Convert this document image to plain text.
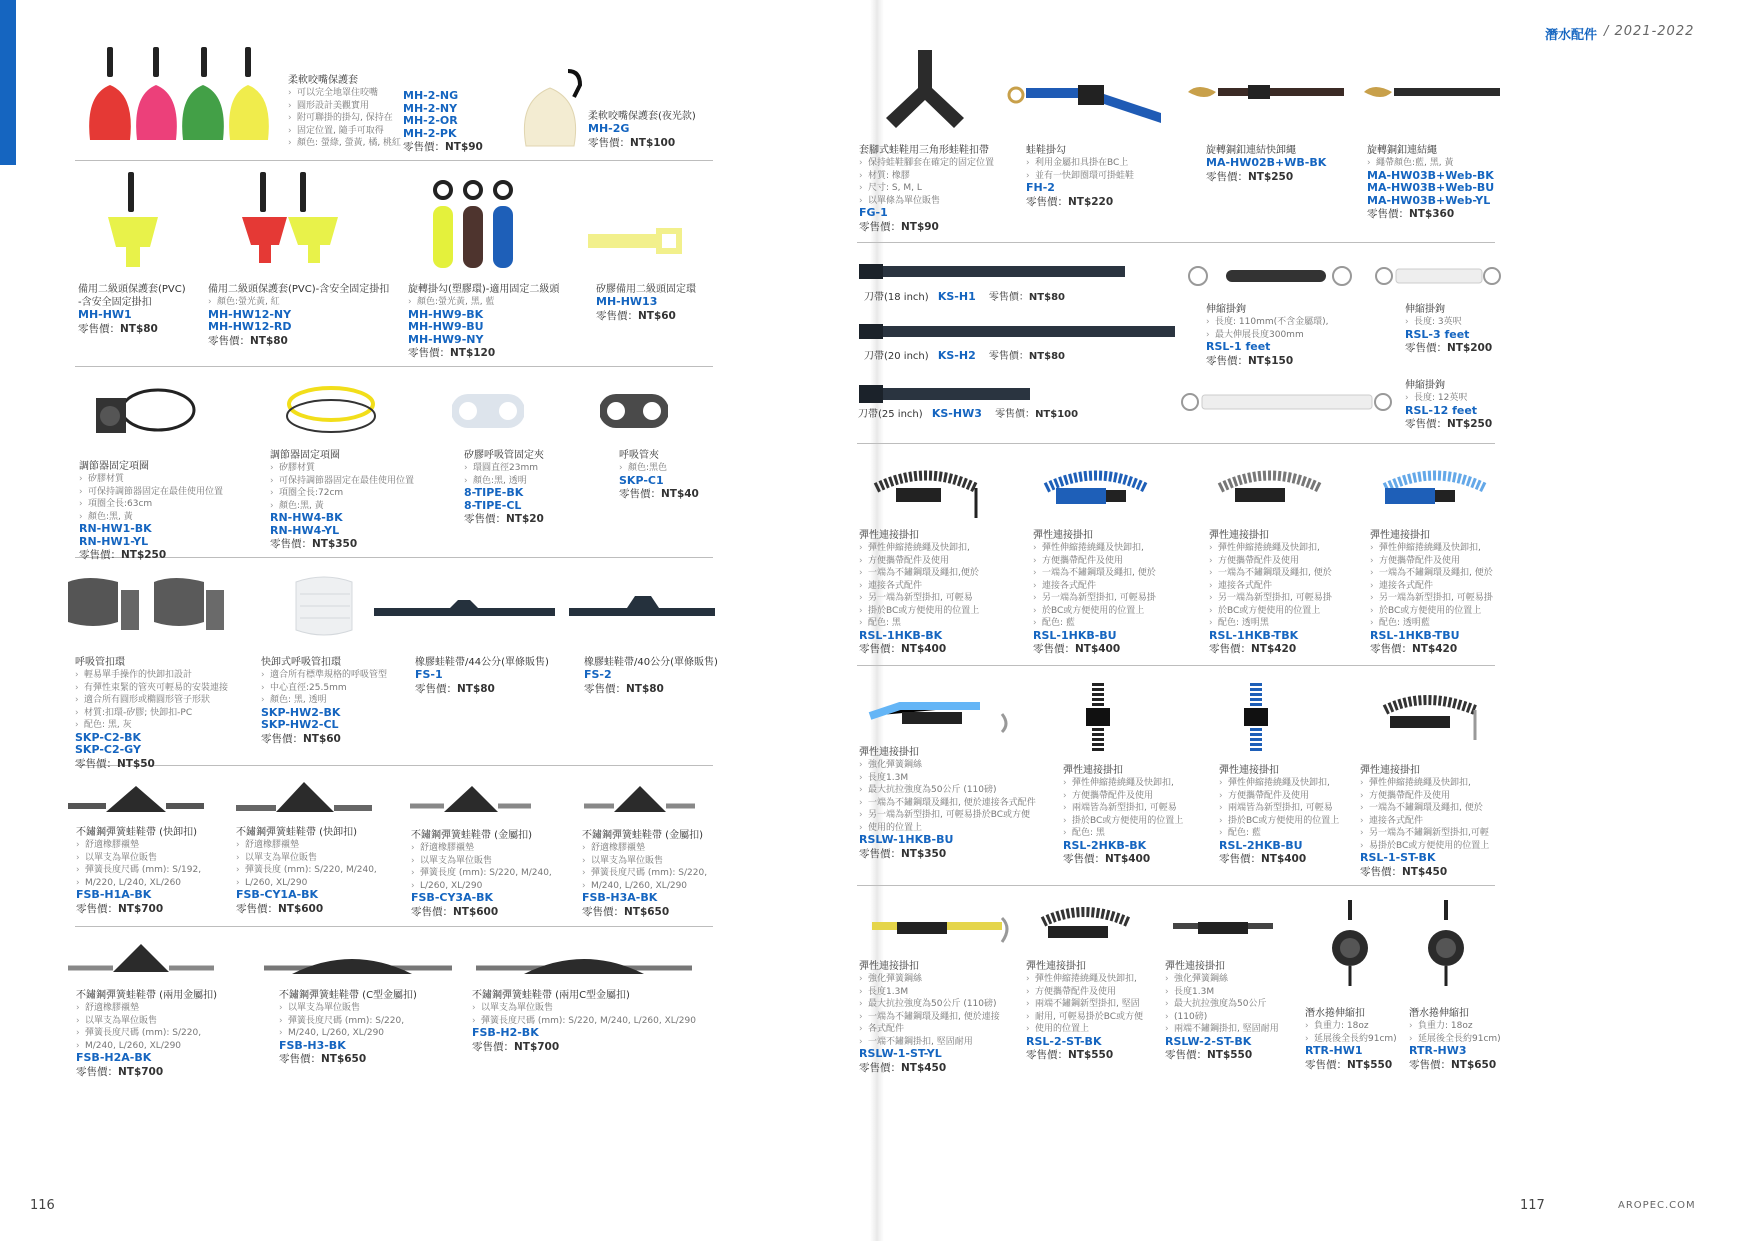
柔軟咬嘴保護套
› 可以完全地罩住咬嘴
› 圓形設計美觀實用
› 附可聯掛的掛勾, 保持在
› 固定位置, 隨手可取得
› 顏色: 螢綠, 螢黃, 橘, 桃紅
MH-2-NG
MH-2-NY
MH-2-OR
MH-2-PK
零售價：NT$90
柔軟咬嘴保護套(夜光款)
MH-2G
零售價：NT$100
備用二級頭保護套(PVC)
-含安全固定掛扣
MH-HW1
零售價：NT$80
備用二級頭保護套(PVC)-含安全固定掛扣
› 顏色:螢光黃, 紅
MH-HW12-NY
MH-HW12-RD
零售價：NT$80
旋轉掛勾(塑膠環)-適用固定二級頭
› 顏色:螢光黃, 黑, 藍
MH-HW9-BK
MH-HW9-BU
MH-HW9-NY
零售價：NT$120
矽膠備用二級頭固定環
MH-HW13
零售價：NT$60
調節器固定項圈
› 矽膠材質
› 可保持調節器固定在最佳使用位置
› 項圈全長:63cm
› 顏色:黑, 黃
RN-HW1-BK
RN-HW1-YL
零售價：NT$250
調節器固定項圈
› 矽膠材質
› 可保持調節器固定在最佳使用位置
› 項圈全長:72cm
› 顏色:黑, 黃
RN-HW4-BK
RN-HW4-YL
零售價：NT$350
矽膠呼吸管固定夾
› 環圓直徑23mm
› 顏色:黑, 透明
8-TIPE-BK
8-TIPE-CL
零售價：NT$20
呼吸管夾
› 顏色:黑色
SKP-C1
零售價：NT$40
呼吸管扣環
› 輕易單手操作的快卸扣設計
› 有彈性束緊的管夾可輕易的安裝連接
› 適合所有圓形或橢圓形管子形狀
› 材質:扣環-矽膠; 快卸扣-PC
› 配色: 黑, 灰
SKP-C2-BK
SKP-C2-GY
零售價：NT$50
快卸式呼吸管扣環
› 適合所有標準規格的呼吸管型
› 中心直徑:25.5mm
› 顏色: 黑, 透明
SKP-HW2-BK
SKP-HW2-CL
零售價：NT$60
橡膠蛙鞋帶/44公分(單條販售)
FS-1
零售價：NT$80
橡膠蛙鞋帶/40公分(單條販售)
FS-2
零售價：NT$80
不鏽鋼彈簧蛙鞋帶 (快卸扣)
› 舒適橡膠襯墊
› 以單支為單位販售
› 彈簧長度尺碼 (mm): S/192,
› M/220, L/240, XL/260
FSB-H1A-BK
零售價：NT$700
不鏽鋼彈簧蛙鞋帶 (快卸扣)
› 舒適橡膠襯墊
› 以單支為單位販售
› 彈簧長度 (mm): S/220, M/240,
› L/260, XL/290
FSB-CY1A-BK
零售價：NT$600
不鏽鋼彈簧蛙鞋帶 (金屬扣)
› 舒適橡膠襯墊
› 以單支為單位販售
› 彈簧長度 (mm): S/220, M/240,
› L/260, XL/290
FSB-CY3A-BK
零售價：NT$600
不鏽鋼彈簧蛙鞋帶 (金屬扣)
› 舒適橡膠襯墊
› 以單支為單位販售
› 彈簧長度尺碼 (mm): S/220,
› M/240, L/260, XL/290
FSB-H3A-BK
零售價：NT$650
不鏽鋼彈簧蛙鞋帶 (兩用金屬扣)
› 舒適橡膠襯墊
› 以單支為單位販售
› 彈簧長度尺碼 (mm): S/220,
› M/240, L/260, XL/290
FSB-H2A-BK
零售價：NT$700
不鏽鋼彈簧蛙鞋帶 (C型金屬扣)
› 以單支為單位販售
› 彈簧長度尺碼 (mm): S/220,
› M/240, L/260, XL/290
FSB-H3-BK
零售價：NT$650
不鏽鋼彈簧蛙鞋帶 (兩用C型金屬扣)
› 以單支為單位販售
› 彈簧長度尺碼 (mm): S/220, M/240, L/260, XL/290
FSB-H2-BK
零售價：NT$700
116
潛水配件 / 2021-2022
套腳式蛙鞋用三角形蛙鞋扣帶
› 保持蛙鞋腳套在確定的固定位置
› 材質: 橡膠
› 尺寸: S, M, L
› 以單條為單位販售
FG-1
零售價：NT$90
蛙鞋掛勾
› 利用金屬扣具掛在BC上
› 並有一快卸圈環可掛蛙鞋
FH-2
零售價：NT$220
旋轉銅釦連結快卸繩
MA-HW02B+WB-BK
零售價：NT$250
旋轉銅釦連結繩
› 繩帶顏色:藍, 黑, 黃
MA-HW03B+Web-BK
MA-HW03B+Web-BU
MA-HW03B+Web-YL
零售價：NT$360
刀帶(18 inch) KS-H1 零售價：NT$80
刀帶(20 inch) KS-H2 零售價：NT$80
刀帶(25 inch) KS-HW3 零售價：NT$100
伸縮掛鉤
› 長度: 110mm(不含金屬環),
› 最大伸展長度300mm
RSL-1 feet
零售價：NT$150
伸縮掛鉤
› 長度: 3英呎
RSL-3 feet
零售價：NT$200
伸縮掛鉤
› 長度: 12英呎
RSL-12 feet
零售價：NT$250
彈性連接掛扣
› 彈性伸縮捲繞繩及快卸扣,
› 方便攜帶配件及使用
› 一端為不鏽鋼環及繩扣,便於
› 連接各式配件
› 另一端為新型掛扣, 可輕易
› 掛於BC或方便使用的位置上
› 配色: 黑
RSL-1HKB-BK
零售價：NT$400
彈性連接掛扣
› 彈性伸縮捲繞繩及快卸扣,
› 方便攜帶配件及使用
› 一端為不鏽鋼環及繩扣, 便於
› 連接各式配件
› 另一端為新型掛扣, 可輕易掛
› 於BC或方便使用的位置上
› 配色: 藍
RSL-1HKB-BU
零售價：NT$400
彈性連接掛扣
› 彈性伸縮捲繞繩及快卸扣,
› 方便攜帶配件及使用
› 一端為不鏽鋼環及繩扣, 便於
› 連接各式配件
› 另一端為新型掛扣, 可輕易掛
› 於BC或方便使用的位置上
› 配色: 透明黑
RSL-1HKB-TBK
零售價：NT$420
彈性連接掛扣
› 彈性伸縮捲繞繩及快卸扣,
› 方便攜帶配件及使用
› 一端為不鏽鋼環及繩扣, 便於
› 連接各式配件
› 另一端為新型掛扣, 可輕易掛
› 於BC或方便使用的位置上
› 配色: 透明藍
RSL-1HKB-TBU
零售價：NT$420
彈性連接掛扣
› 強化彈簧鋼絲
› 長度1.3M
› 最大抗拉強度為50公斤 (110磅)
› 一端為不鏽鋼環及繩扣, 便於連接各式配件
› 另一端為新型掛扣, 可輕易掛於BC或方便
› 使用的位置上
RSLW-1HKB-BU
零售價：NT$350
彈性連接掛扣
› 彈性伸縮捲繞繩及快卸扣,
› 方便攜帶配件及使用
› 兩端皆為新型掛扣, 可輕易
› 掛於BC或方便使用的位置上
› 配色: 黑
RSL-2HKB-BK
零售價：NT$400
彈性連接掛扣
› 彈性伸縮捲繞繩及快卸扣,
› 方便攜帶配件及使用
› 兩端皆為新型掛扣, 可輕易
› 掛於BC或方便使用的位置上
› 配色: 藍
RSL-2HKB-BU
零售價：NT$400
彈性連接掛扣
› 彈性伸縮捲繞繩及快卸扣,
› 方便攜帶配件及使用
› 一端為不鏽鋼環及繩扣, 便於
› 連接各式配件
› 另一端為不鏽鋼新型掛扣,可輕
› 易掛於BC或方便使用的位置上
RSL-1-ST-BK
零售價：NT$450
彈性連接掛扣
› 強化彈簧鋼絲
› 長度1.3M
› 最大抗拉強度為50公斤 (110磅)
› 一端為不鏽鋼環及繩扣, 便於連接
› 各式配件
› 一端不鏽鋼掛扣, 堅固耐用
RSLW-1-ST-YL
零售價：NT$450
彈性連接掛扣
› 彈性伸縮捲繞繩及快卸扣,
› 方便攜帶配件及使用
› 兩端不鏽鋼新型掛扣, 堅固
› 耐用, 可輕易掛於BC或方便
› 使用的位置上
RSL-2-ST-BK
零售價：NT$550
彈性連接掛扣
› 強化彈簧鋼絲
› 長度1.3M
› 最大抗拉強度為50公斤
› (110磅)
› 兩端不鏽鋼掛扣, 堅固耐用
RSLW-2-ST-BK
零售價：NT$550
潛水捲伸縮扣
› 負重力: 18oz
› 延展後全長約91cm)
RTR-HW1
零售價：NT$550
潛水捲伸縮扣
› 負重力: 18oz
› 延展後全長約91cm)
RTR-HW3
零售價：NT$650
AROPEC.COM
117
